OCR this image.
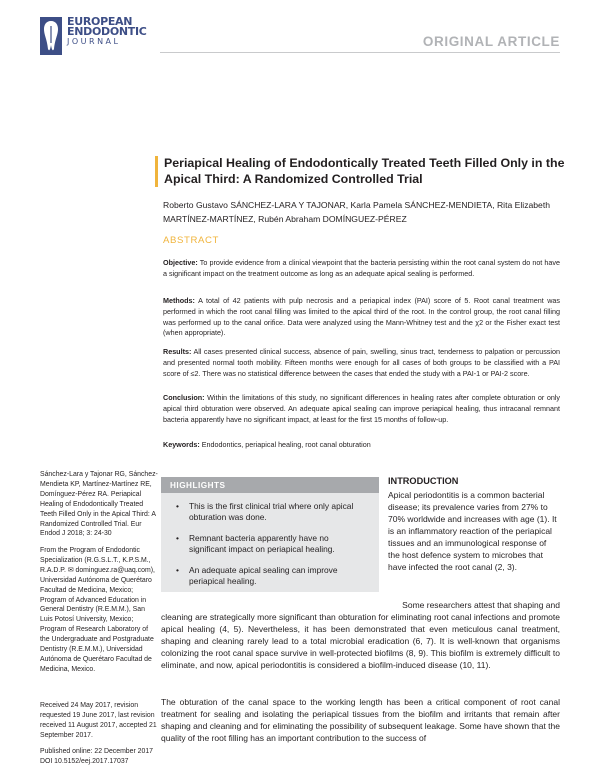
EUROPEAN
ENDODONTIC
JOURNAL	ORIGINAL ARTICLE
Periapical Healing of Endodontically Treated Teeth Filled Only in the Apical Third: A Randomized Controlled Trial
Roberto Gustavo SÁNCHEZ-LARA Y TAJONAR, Karla Pamela SÁNCHEZ-MENDIETA, Rita Elizabeth MARTÍNEZ-MARTÍNEZ, Rubén Abraham DOMÍNGUEZ-PÉREZ
ABSTRACT

Objective: To provide evidence from a clinical viewpoint that the bacteria persisting within the root canal system do not have a significant impact on the treatment outcome as long as an adequate apical sealing is performed.

Methods: A total of 42 patients with pulp necrosis and a periapical index (PAI) score of 5. Root canal treatment was performed in which the root canal filling was limited to the apical third of the root. In the control group, the root canal filling was performed up to the canal orifice. Data were analyzed using the Mann-Whitney test and the χ2 or the Fisher exact test (when appropriate).

Results: All cases presented clinical success, absence of pain, swelling, sinus tract, tenderness to palpation or percussion and presented normal tooth mobility. Fifteen months were enough for all cases of both groups to be classified with a PAI score of ≤2. There was no statistical difference between the cases that ended the study with a PAI-1 or PAI-2 score.

Conclusion: Within the limitations of this study, no significant differences in healing rates after complete obturation or only apical third obturation were observed. An adequate apical sealing can improve periapical healing, thus intracanal remnant bacteria apparently have no significant impact, at least for the first 15 months of follow-up.

Keywords: Endodontics, periapical healing, root canal obturation

Sánchez-Lara y Tajonar RG, Sánchez-Mendieta KP, Martínez-Martínez RE, Domínguez-Pérez RA. Periapical Healing of Endodontically Treated Teeth Filled Only in the Apical Third: A Randomized Controlled Trial. Eur Endod J 2018; 3: 24-30
From the Program of Endodontic Specialization (R.G.S.L.T., K.P.S.M., R.A.D.P. ✉ dominguez.ra@uaq.com), Universidad Autónoma de Querétaro Facultad de Medicina, Mexico; Program of Advanced Education in General Dentistry (R.E.M.M.), San Luis Potosí University, Mexico; Program of Research Laboratory of the Undergraduate and Postgraduate Dentistry (R.E.M.M.), Universidad Autónoma de Querétaro Facultad de Medicina, Mexico.
Received 24 May 2017, revision requested 19 June 2017, last revision received 11 August 2017, accepted 21 September 2017.
Published online: 22 December 2017
DOI 10.5152/eej.2017.17037
HIGHLIGHTS
• This is the first clinical trial where only apical obturation was done.
• Remnant bacteria apparently have no significant impact on periapical healing.
• An adequate apical sealing can improve periapical healing.
INTRODUCTION

Apical periodontitis is a common bacterial disease; its prevalence varies from 27% to 70% worldwide and increases with age (1). It is an inflammatory reaction of the periapical tissues and an immunological response of the host defence system to microbes that have infected the root canal (2, 3).

Some researchers attest that shaping and

cleaning are strategically more significant than obturation for eliminating root canal infections and promote apical healing (4, 5). Nevertheless, it has been demonstrated that even meticulous canal treatment, shaping and cleaning rarely lead to a total microbial eradication (6, 7). It is well-known that organisms colonizing the root canal space survive in well-protected biofilms (8, 9). This biofilm is extremely difficult to eliminate, and now, apical periodontitis is considered a biofilm-induced disease (10, 11).

The obturation of the canal space to the working length has been a critical component of root canal treatment for sealing and isolating the periapical tissues from the biofilm and irritants that remain after shaping and cleaning and for eliminating the possibility of subsequent leakage. Some have shown that the quality of the root filling has an important contribution to the success of
